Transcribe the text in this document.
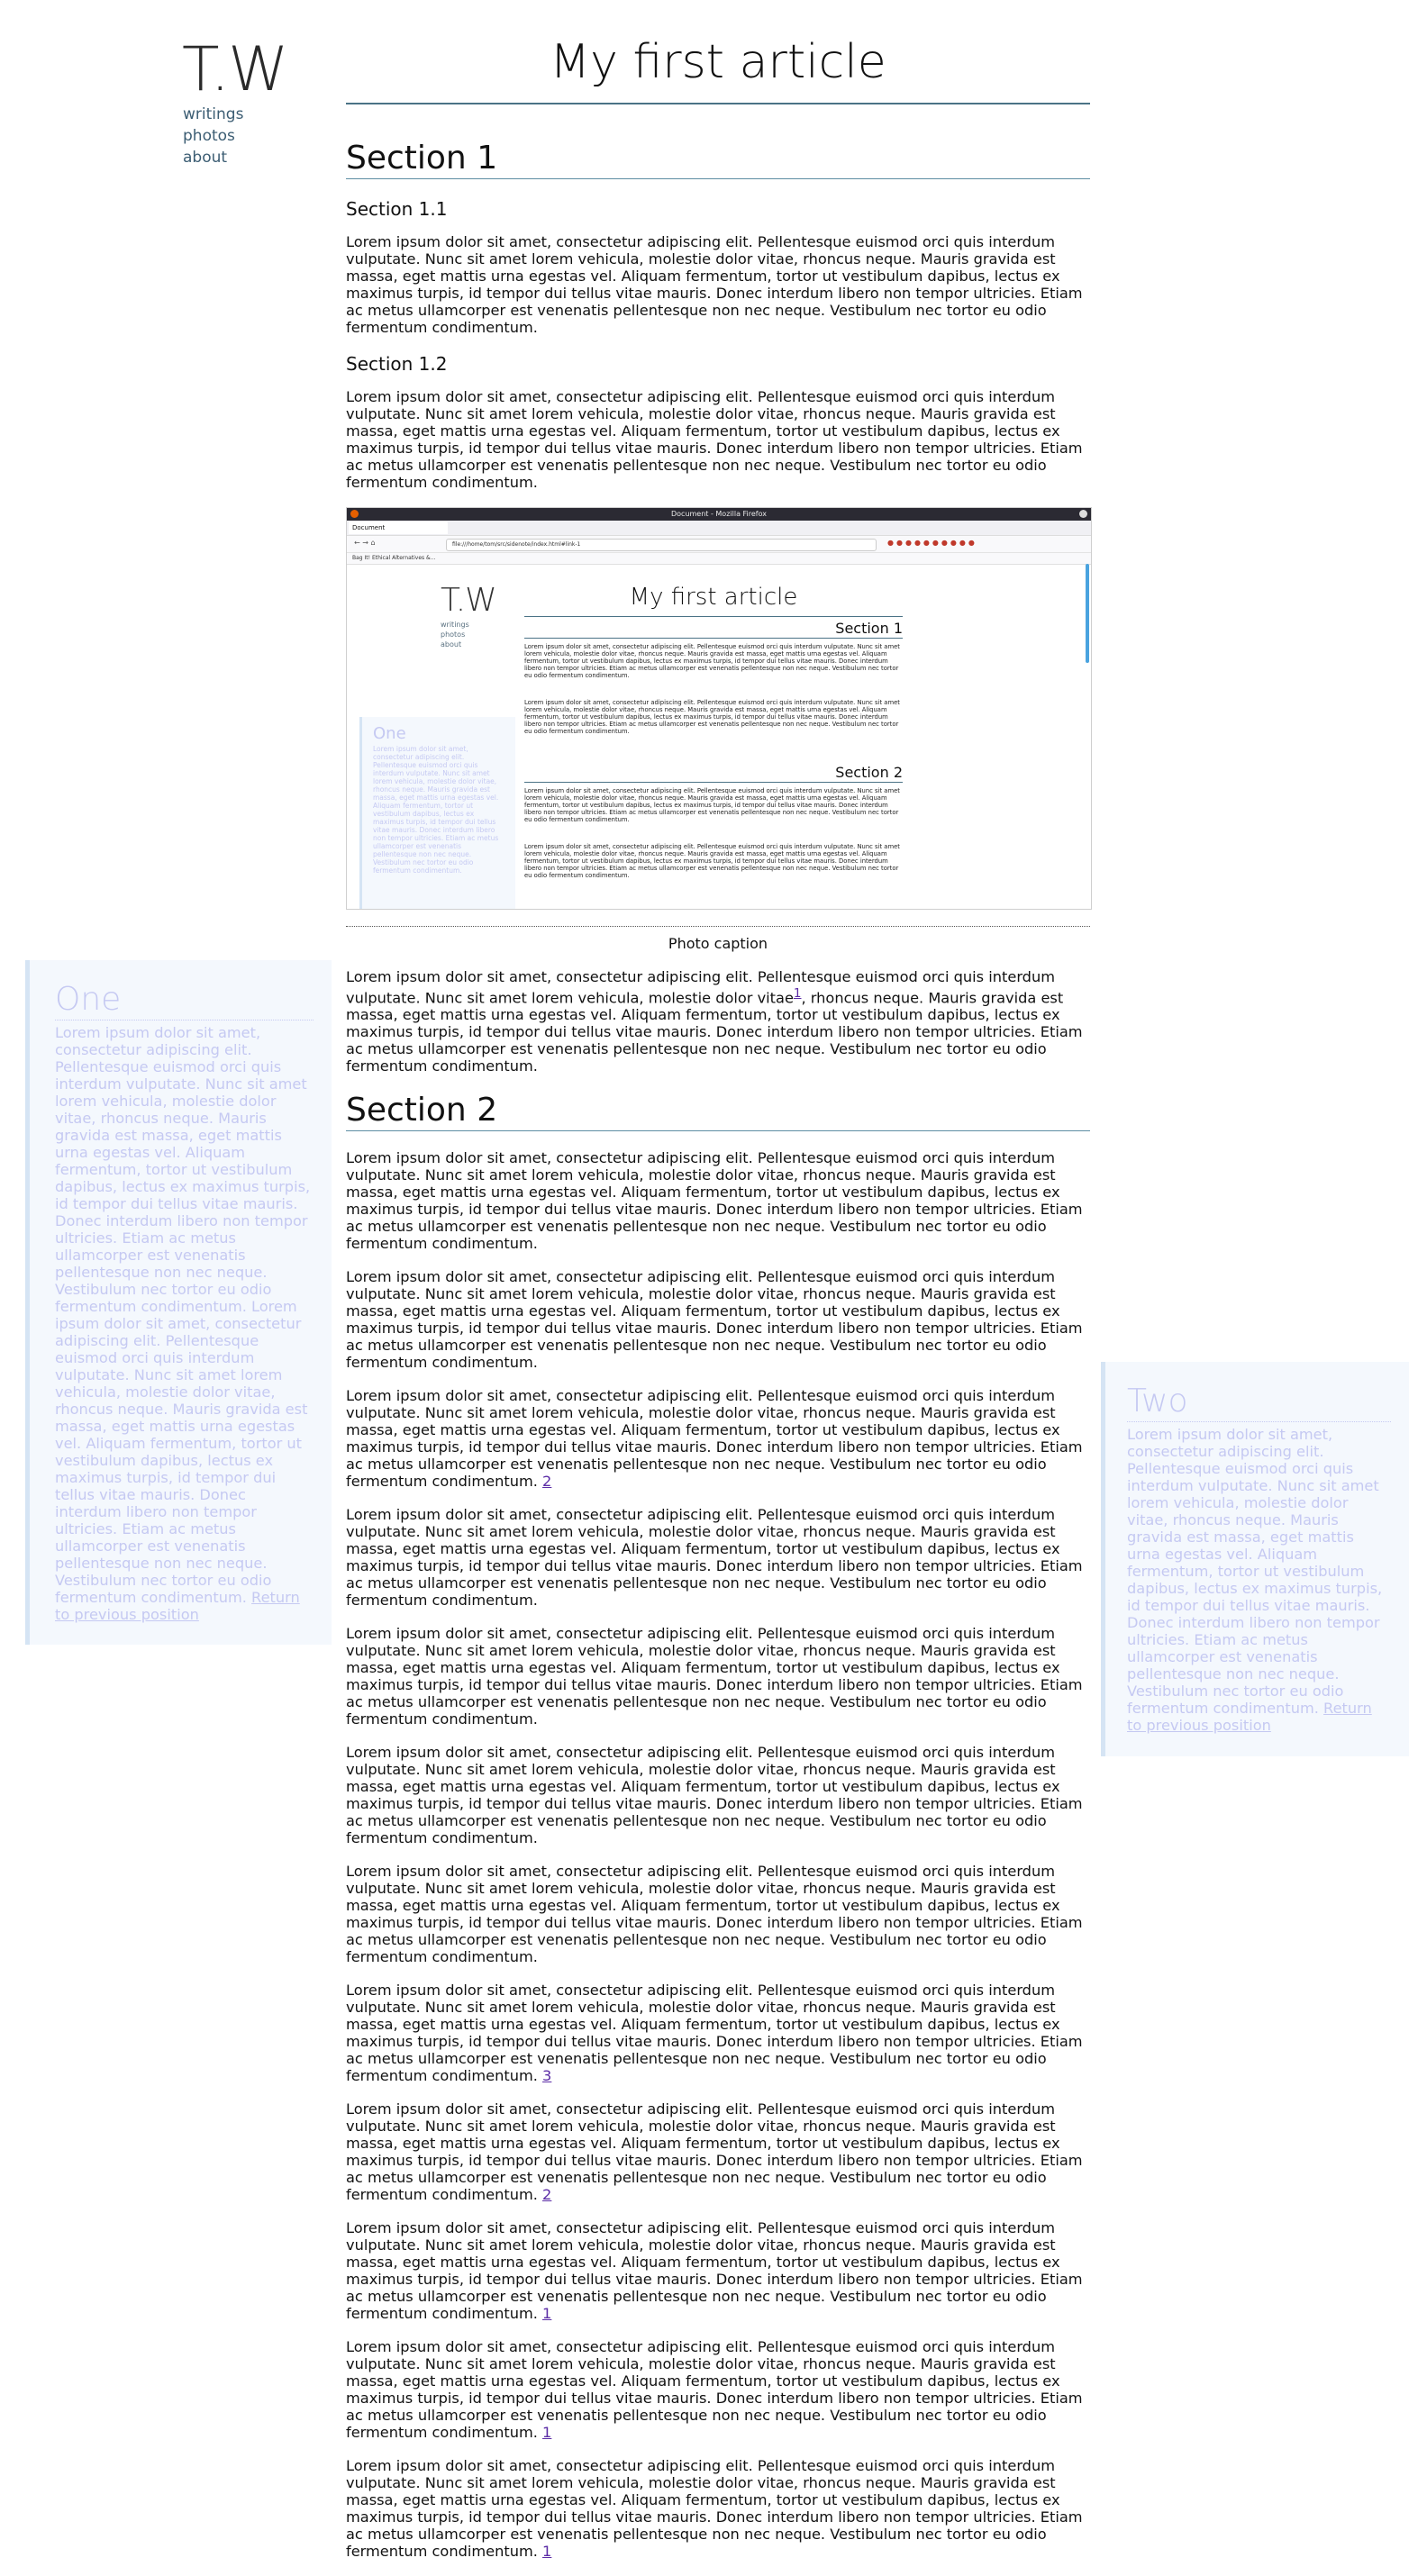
T.W
writings
photos
about
My first article
Section 1
Section 1.1

Lorem ipsum dolor sit amet, consectetur adipiscing elit. Pellentesque euismod orci quis interdum vulputate. Nunc sit amet lorem vehicula, molestie dolor vitae, rhoncus neque. Mauris gravida est massa, eget mattis urna egestas vel. Aliquam fermentum, tortor ut vestibulum dapibus, lectus ex maximus turpis, id tempor dui tellus vitae mauris. Donec interdum libero non tempor ultricies. Etiam ac metus ullamcorper est venenatis pellentesque non nec neque. Vestibulum nec tortor eu odio fermentum condimentum.

Section 1.2

Lorem ipsum dolor sit amet, consectetur adipiscing elit. Pellentesque euismod orci quis interdum vulputate. Nunc sit amet lorem vehicula, molestie dolor vitae, rhoncus neque. Mauris gravida est massa, eget mattis urna egestas vel. Aliquam fermentum, tortor ut vestibulum dapibus, lectus ex maximus turpis, id tempor dui tellus vitae mauris. Donec interdum libero non tempor ultricies. Etiam ac metus ullamcorper est venenatis pellentesque non nec neque. Vestibulum nec tortor eu odio fermentum condimentum.

Document - Mozilla Firefox
Document
← → ⌂	file:///home/tom/src/sidenote/index.html#link-1	●●●●●●●●●●
Bag It! Ethical Alternatives &...
T.W
writings
photos
about
My first article
Section 1
Lorem ipsum dolor sit amet, consectetur adipiscing elit. Pellentesque euismod orci quis interdum vulputate. Nunc sit amet lorem vehicula, molestie dolor vitae, rhoncus neque. Mauris gravida est massa, eget mattis urna egestas vel. Aliquam fermentum, tortor ut vestibulum dapibus, lectus ex maximus turpis, id tempor dui tellus vitae mauris. Donec interdum libero non tempor ultricies. Etiam ac metus ullamcorper est venenatis pellentesque non nec neque. Vestibulum nec tortor eu odio fermentum condimentum.
Lorem ipsum dolor sit amet, consectetur adipiscing elit. Pellentesque euismod orci quis interdum vulputate. Nunc sit amet lorem vehicula, molestie dolor vitae, rhoncus neque. Mauris gravida est massa, eget mattis urna egestas vel. Aliquam fermentum, tortor ut vestibulum dapibus, lectus ex maximus turpis, id tempor dui tellus vitae mauris. Donec interdum libero non tempor ultricies. Etiam ac metus ullamcorper est venenatis pellentesque non nec neque. Vestibulum nec tortor eu odio fermentum condimentum.
Section 2
Lorem ipsum dolor sit amet, consectetur adipiscing elit. Pellentesque euismod orci quis interdum vulputate. Nunc sit amet lorem vehicula, molestie dolor vitae, rhoncus neque. Mauris gravida est massa, eget mattis urna egestas vel. Aliquam fermentum, tortor ut vestibulum dapibus, lectus ex maximus turpis, id tempor dui tellus vitae mauris. Donec interdum libero non tempor ultricies. Etiam ac metus ullamcorper est venenatis pellentesque non nec neque. Vestibulum nec tortor eu odio fermentum condimentum.
Lorem ipsum dolor sit amet, consectetur adipiscing elit. Pellentesque euismod orci quis interdum vulputate. Nunc sit amet lorem vehicula, molestie dolor vitae, rhoncus neque. Mauris gravida est massa, eget mattis urna egestas vel. Aliquam fermentum, tortor ut vestibulum dapibus, lectus ex maximus turpis, id tempor dui tellus vitae mauris. Donec interdum libero non tempor ultricies. Etiam ac metus ullamcorper est venenatis pellentesque non nec neque. Vestibulum nec tortor eu odio fermentum condimentum.
One
Lorem ipsum dolor sit amet, consectetur adipiscing elit. Pellentesque euismod orci quis interdum vulputate. Nunc sit amet lorem vehicula, molestie dolor vitae, rhoncus neque. Mauris gravida est massa, eget mattis urna egestas vel. Aliquam fermentum, tortor ut vestibulum dapibus, lectus ex maximus turpis, id tempor dui tellus vitae mauris. Donec interdum libero non tempor ultricies. Etiam ac metus ullamcorper est venenatis pellentesque non nec neque. Vestibulum nec tortor eu odio fermentum condimentum.
Photo caption

Lorem ipsum dolor sit amet, consectetur adipiscing elit. Pellentesque euismod orci quis interdum vulputate. Nunc sit amet lorem vehicula, molestie dolor vitae$^1$, rhoncus neque. Mauris gravida est massa, eget mattis urna egestas vel. Aliquam fermentum, tortor ut vestibulum dapibus, lectus ex maximus turpis, id tempor dui tellus vitae mauris. Donec interdum libero non tempor ultricies. Etiam ac metus ullamcorper est venenatis pellentesque non nec neque. Vestibulum nec tortor eu odio fermentum condimentum.

Section 2

Lorem ipsum dolor sit amet, consectetur adipiscing elit. Pellentesque euismod orci quis interdum vulputate. Nunc sit amet lorem vehicula, molestie dolor vitae, rhoncus neque. Mauris gravida est massa, eget mattis urna egestas vel. Aliquam fermentum, tortor ut vestibulum dapibus, lectus ex maximus turpis, id tempor dui tellus vitae mauris. Donec interdum libero non tempor ultricies. Etiam ac metus ullamcorper est venenatis pellentesque non nec neque. Vestibulum nec tortor eu odio fermentum condimentum.

Lorem ipsum dolor sit amet, consectetur adipiscing elit. Pellentesque euismod orci quis interdum vulputate. Nunc sit amet lorem vehicula, molestie dolor vitae, rhoncus neque. Mauris gravida est massa, eget mattis urna egestas vel. Aliquam fermentum, tortor ut vestibulum dapibus, lectus ex maximus turpis, id tempor dui tellus vitae mauris. Donec interdum libero non tempor ultricies. Etiam ac metus ullamcorper est venenatis pellentesque non nec neque. Vestibulum nec tortor eu odio fermentum condimentum.

Lorem ipsum dolor sit amet, consectetur adipiscing elit. Pellentesque euismod orci quis interdum vulputate. Nunc sit amet lorem vehicula, molestie dolor vitae, rhoncus neque. Mauris gravida est massa, eget mattis urna egestas vel. Aliquam fermentum, tortor ut vestibulum dapibus, lectus ex maximus turpis, id tempor dui tellus vitae mauris. Donec interdum libero non tempor ultricies. Etiam ac metus ullamcorper est venenatis pellentesque non nec neque. Vestibulum nec tortor eu odio fermentum condimentum. 2

Lorem ipsum dolor sit amet, consectetur adipiscing elit. Pellentesque euismod orci quis interdum vulputate. Nunc sit amet lorem vehicula, molestie dolor vitae, rhoncus neque. Mauris gravida est massa, eget mattis urna egestas vel. Aliquam fermentum, tortor ut vestibulum dapibus, lectus ex maximus turpis, id tempor dui tellus vitae mauris. Donec interdum libero non tempor ultricies. Etiam ac metus ullamcorper est venenatis pellentesque non nec neque. Vestibulum nec tortor eu odio fermentum condimentum.

Lorem ipsum dolor sit amet, consectetur adipiscing elit. Pellentesque euismod orci quis interdum vulputate. Nunc sit amet lorem vehicula, molestie dolor vitae, rhoncus neque. Mauris gravida est massa, eget mattis urna egestas vel. Aliquam fermentum, tortor ut vestibulum dapibus, lectus ex maximus turpis, id tempor dui tellus vitae mauris. Donec interdum libero non tempor ultricies. Etiam ac metus ullamcorper est venenatis pellentesque non nec neque. Vestibulum nec tortor eu odio fermentum condimentum.

Lorem ipsum dolor sit amet, consectetur adipiscing elit. Pellentesque euismod orci quis interdum vulputate. Nunc sit amet lorem vehicula, molestie dolor vitae, rhoncus neque. Mauris gravida est massa, eget mattis urna egestas vel. Aliquam fermentum, tortor ut vestibulum dapibus, lectus ex maximus turpis, id tempor dui tellus vitae mauris. Donec interdum libero non tempor ultricies. Etiam ac metus ullamcorper est venenatis pellentesque non nec neque. Vestibulum nec tortor eu odio fermentum condimentum.

Lorem ipsum dolor sit amet, consectetur adipiscing elit. Pellentesque euismod orci quis interdum vulputate. Nunc sit amet lorem vehicula, molestie dolor vitae, rhoncus neque. Mauris gravida est massa, eget mattis urna egestas vel. Aliquam fermentum, tortor ut vestibulum dapibus, lectus ex maximus turpis, id tempor dui tellus vitae mauris. Donec interdum libero non tempor ultricies. Etiam ac metus ullamcorper est venenatis pellentesque non nec neque. Vestibulum nec tortor eu odio fermentum condimentum.

Lorem ipsum dolor sit amet, consectetur adipiscing elit. Pellentesque euismod orci quis interdum vulputate. Nunc sit amet lorem vehicula, molestie dolor vitae, rhoncus neque. Mauris gravida est massa, eget mattis urna egestas vel. Aliquam fermentum, tortor ut vestibulum dapibus, lectus ex maximus turpis, id tempor dui tellus vitae mauris. Donec interdum libero non tempor ultricies. Etiam ac metus ullamcorper est venenatis pellentesque non nec neque. Vestibulum nec tortor eu odio fermentum condimentum. 3

Lorem ipsum dolor sit amet, consectetur adipiscing elit. Pellentesque euismod orci quis interdum vulputate. Nunc sit amet lorem vehicula, molestie dolor vitae, rhoncus neque. Mauris gravida est massa, eget mattis urna egestas vel. Aliquam fermentum, tortor ut vestibulum dapibus, lectus ex maximus turpis, id tempor dui tellus vitae mauris. Donec interdum libero non tempor ultricies. Etiam ac metus ullamcorper est venenatis pellentesque non nec neque. Vestibulum nec tortor eu odio fermentum condimentum. 2

Lorem ipsum dolor sit amet, consectetur adipiscing elit. Pellentesque euismod orci quis interdum vulputate. Nunc sit amet lorem vehicula, molestie dolor vitae, rhoncus neque. Mauris gravida est massa, eget mattis urna egestas vel. Aliquam fermentum, tortor ut vestibulum dapibus, lectus ex maximus turpis, id tempor dui tellus vitae mauris. Donec interdum libero non tempor ultricies. Etiam ac metus ullamcorper est venenatis pellentesque non nec neque. Vestibulum nec tortor eu odio fermentum condimentum. 1

Lorem ipsum dolor sit amet, consectetur adipiscing elit. Pellentesque euismod orci quis interdum vulputate. Nunc sit amet lorem vehicula, molestie dolor vitae, rhoncus neque. Mauris gravida est massa, eget mattis urna egestas vel. Aliquam fermentum, tortor ut vestibulum dapibus, lectus ex maximus turpis, id tempor dui tellus vitae mauris. Donec interdum libero non tempor ultricies. Etiam ac metus ullamcorper est venenatis pellentesque non nec neque. Vestibulum nec tortor eu odio fermentum condimentum. 1

Lorem ipsum dolor sit amet, consectetur adipiscing elit. Pellentesque euismod orci quis interdum vulputate. Nunc sit amet lorem vehicula, molestie dolor vitae, rhoncus neque. Mauris gravida est massa, eget mattis urna egestas vel. Aliquam fermentum, tortor ut vestibulum dapibus, lectus ex maximus turpis, id tempor dui tellus vitae mauris. Donec interdum libero non tempor ultricies. Etiam ac metus ullamcorper est venenatis pellentesque non nec neque. Vestibulum nec tortor eu odio fermentum condimentum. 1

One
Lorem ipsum dolor sit amet, consectetur adipiscing elit. Pellentesque euismod orci quis interdum vulputate. Nunc sit amet lorem vehicula, molestie dolor vitae, rhoncus neque. Mauris gravida est massa, eget mattis urna egestas vel. Aliquam fermentum, tortor ut vestibulum dapibus, lectus ex maximus turpis, id tempor dui tellus vitae mauris. Donec interdum libero non tempor ultricies. Etiam ac metus ullamcorper est venenatis pellentesque non nec neque. Vestibulum nec tortor eu odio fermentum condimentum. Lorem ipsum dolor sit amet, consectetur adipiscing elit. Pellentesque euismod orci quis interdum vulputate. Nunc sit amet lorem vehicula, molestie dolor vitae, rhoncus neque. Mauris gravida est massa, eget mattis urna egestas vel. Aliquam fermentum, tortor ut vestibulum dapibus, lectus ex maximus turpis, id tempor dui tellus vitae mauris. Donec interdum libero non tempor ultricies. Etiam ac metus ullamcorper est venenatis pellentesque non nec neque. Vestibulum nec tortor eu odio fermentum condimentum. Return to previous position
Two
Lorem ipsum dolor sit amet, consectetur adipiscing elit. Pellentesque euismod orci quis interdum vulputate. Nunc sit amet lorem vehicula, molestie dolor vitae, rhoncus neque. Mauris gravida est massa, eget mattis urna egestas vel. Aliquam fermentum, tortor ut vestibulum dapibus, lectus ex maximus turpis, id tempor dui tellus vitae mauris. Donec interdum libero non tempor ultricies. Etiam ac metus ullamcorper est venenatis pellentesque non nec neque. Vestibulum nec tortor eu odio fermentum condimentum. Return to previous position
